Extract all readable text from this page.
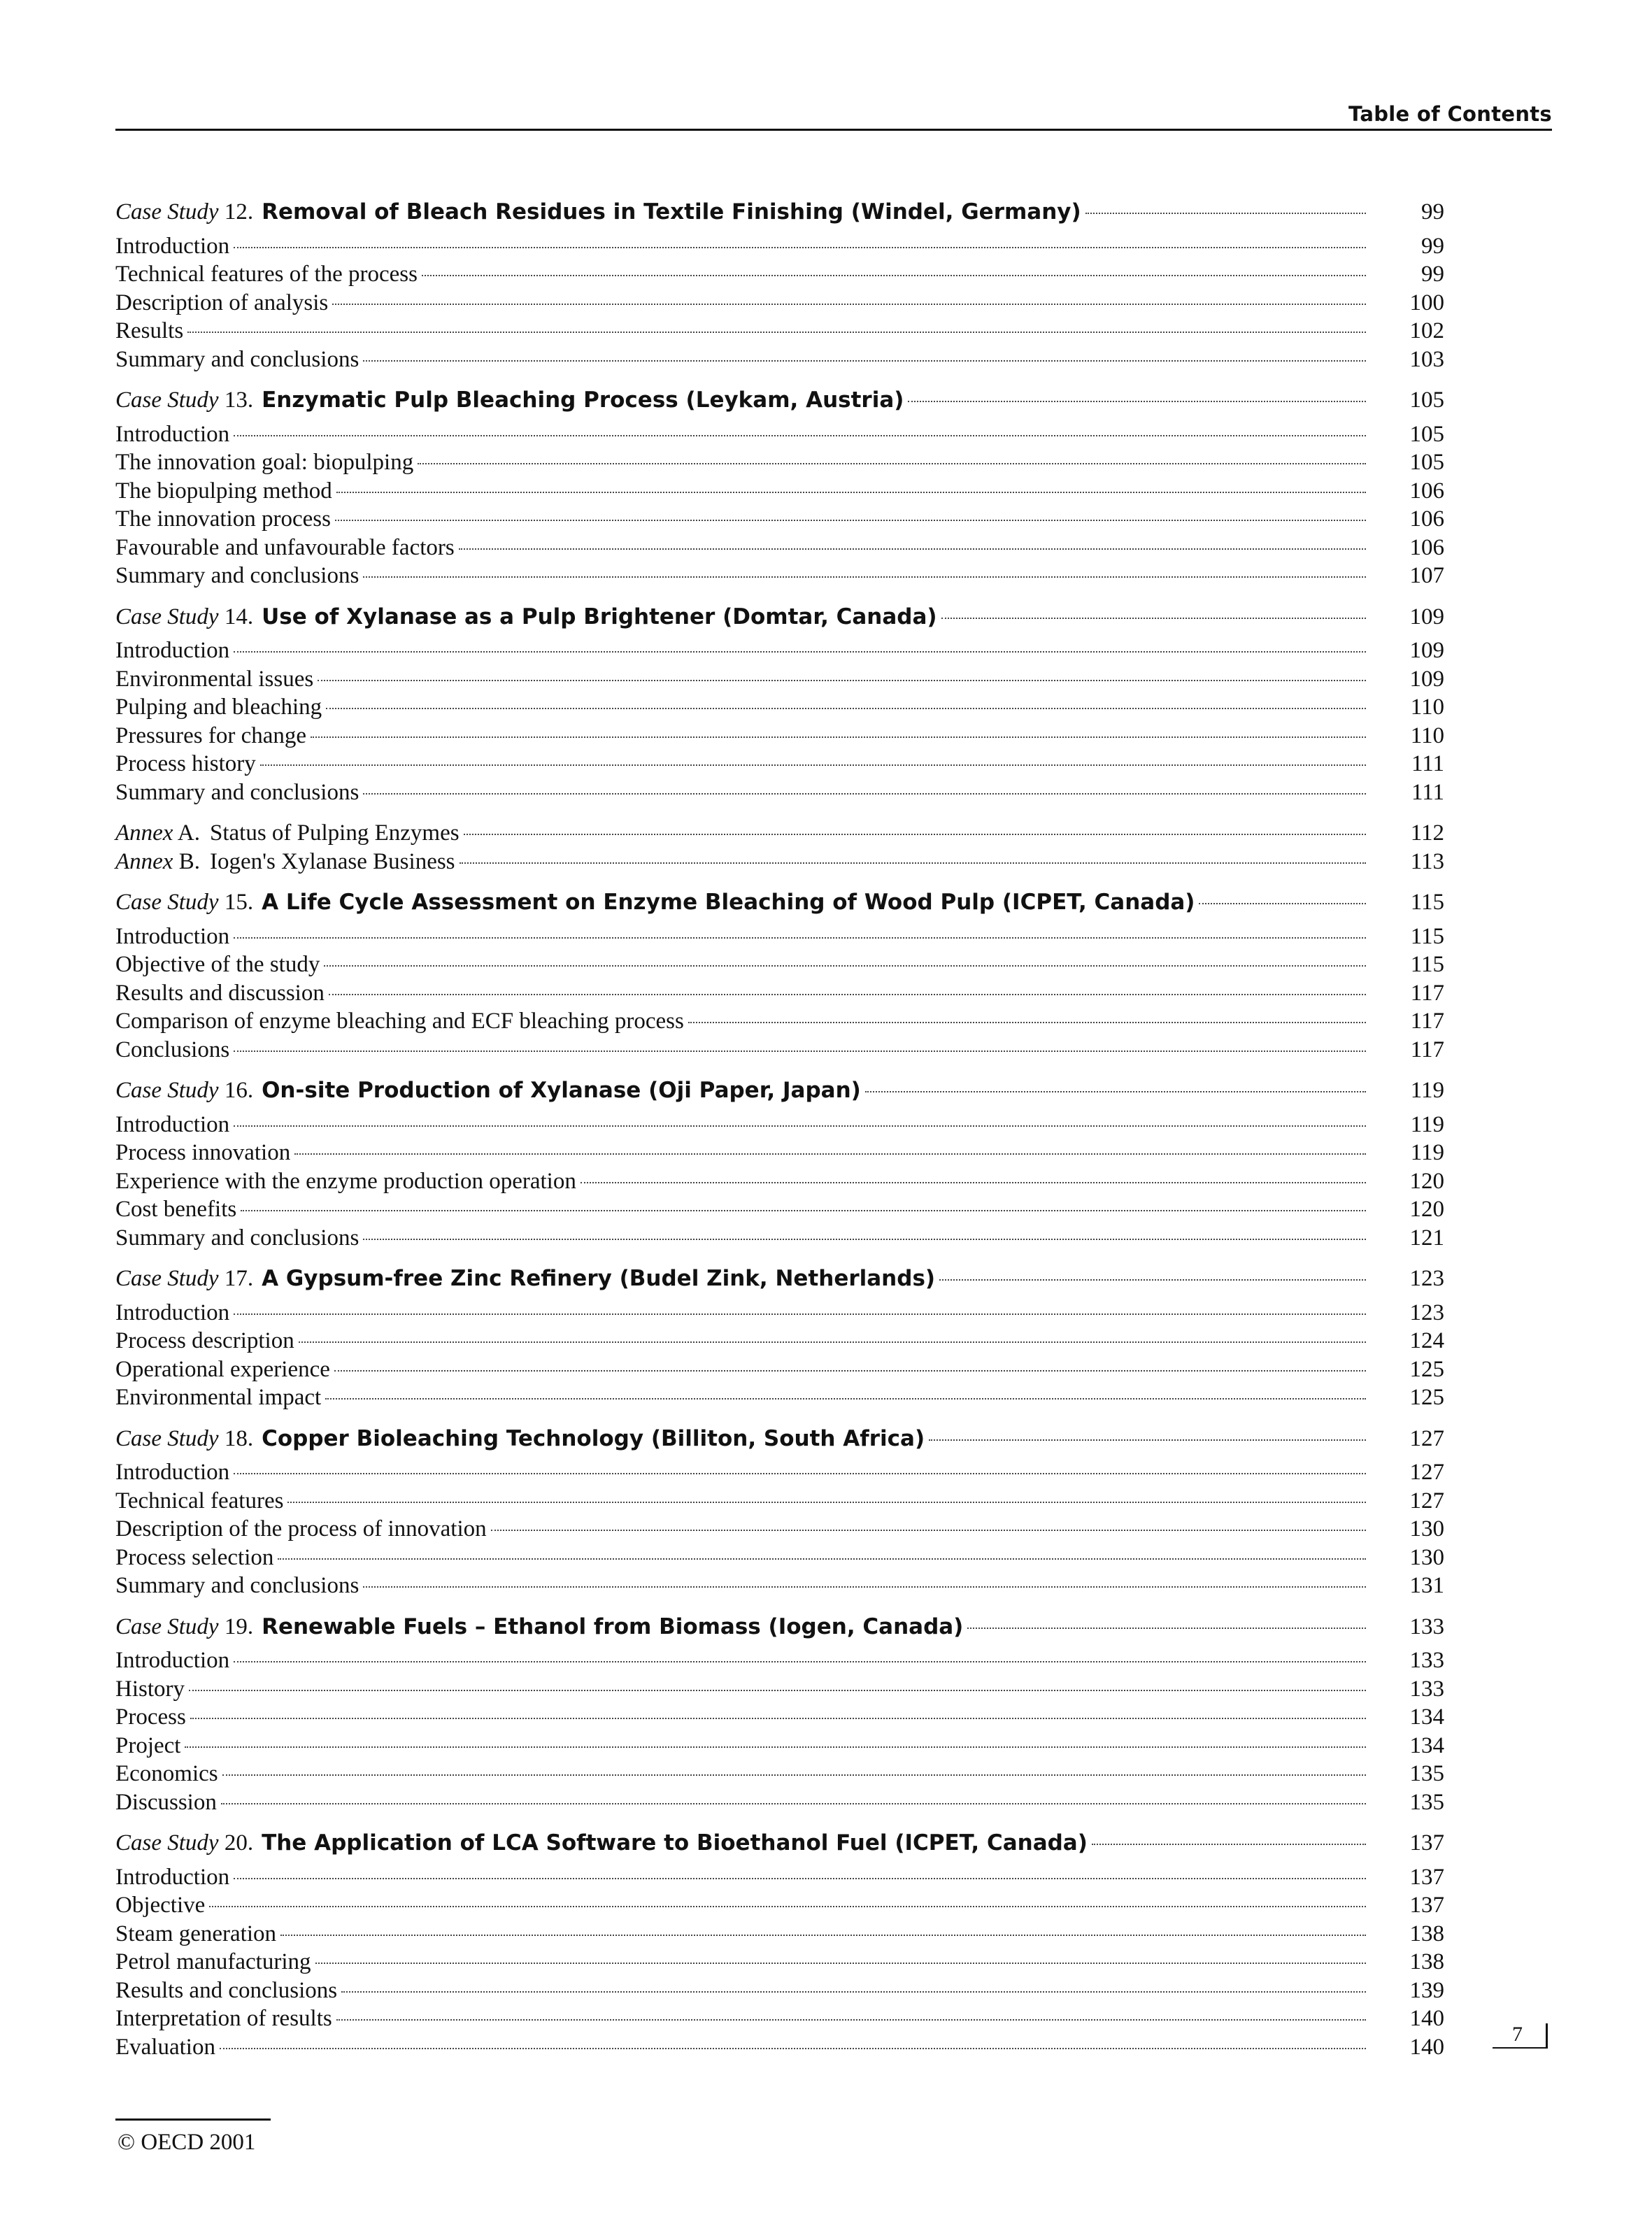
Table of Contents
Case Study 12. Removal of Bleach Residues in Textile Finishing (Windel, Germany)	99
Introduction	99
Technical features of the process	99
Description of analysis	100
Results	102
Summary and conclusions	103
Case Study 13. Enzymatic Pulp Bleaching Process (Leykam, Austria)	105
Introduction	105
The innovation goal: biopulping	105
The biopulping method	106
The innovation process	106
Favourable and unfavourable factors	106
Summary and conclusions	107
Case Study 14. Use of Xylanase as a Pulp Brightener (Domtar, Canada)	109
Introduction	109
Environmental issues	109
Pulping and bleaching	110
Pressures for change	110
Process history	111
Summary and conclusions	111
Annex A. Status of Pulping Enzymes	112
Annex B. Iogen's Xylanase Business	113
Case Study 15. A Life Cycle Assessment on Enzyme Bleaching of Wood Pulp (ICPET, Canada)	115
Introduction	115
Objective of the study	115
Results and discussion	117
Comparison of enzyme bleaching and ECF bleaching process	117
Conclusions	117
Case Study 16. On-site Production of Xylanase (Oji Paper, Japan)	119
Introduction	119
Process innovation	119
Experience with the enzyme production operation	120
Cost benefits	120
Summary and conclusions	121
Case Study 17. A Gypsum-free Zinc Refinery (Budel Zink, Netherlands)	123
Introduction	123
Process description	124
Operational experience	125
Environmental impact	125
Case Study 18. Copper Bioleaching Technology (Billiton, South Africa)	127
Introduction	127
Technical features	127
Description of the process of innovation	130
Process selection	130
Summary and conclusions	131
Case Study 19. Renewable Fuels – Ethanol from Biomass (Iogen, Canada)	133
Introduction	133
History	133
Process	134
Project	134
Economics	135
Discussion	135
Case Study 20. The Application of LCA Software to Bioethanol Fuel (ICPET, Canada)	137
Introduction	137
Objective	137
Steam generation	138
Petrol manufacturing	138
Results and conclusions	139
Interpretation of results	140
Evaluation	140	7
© OECD 2001
